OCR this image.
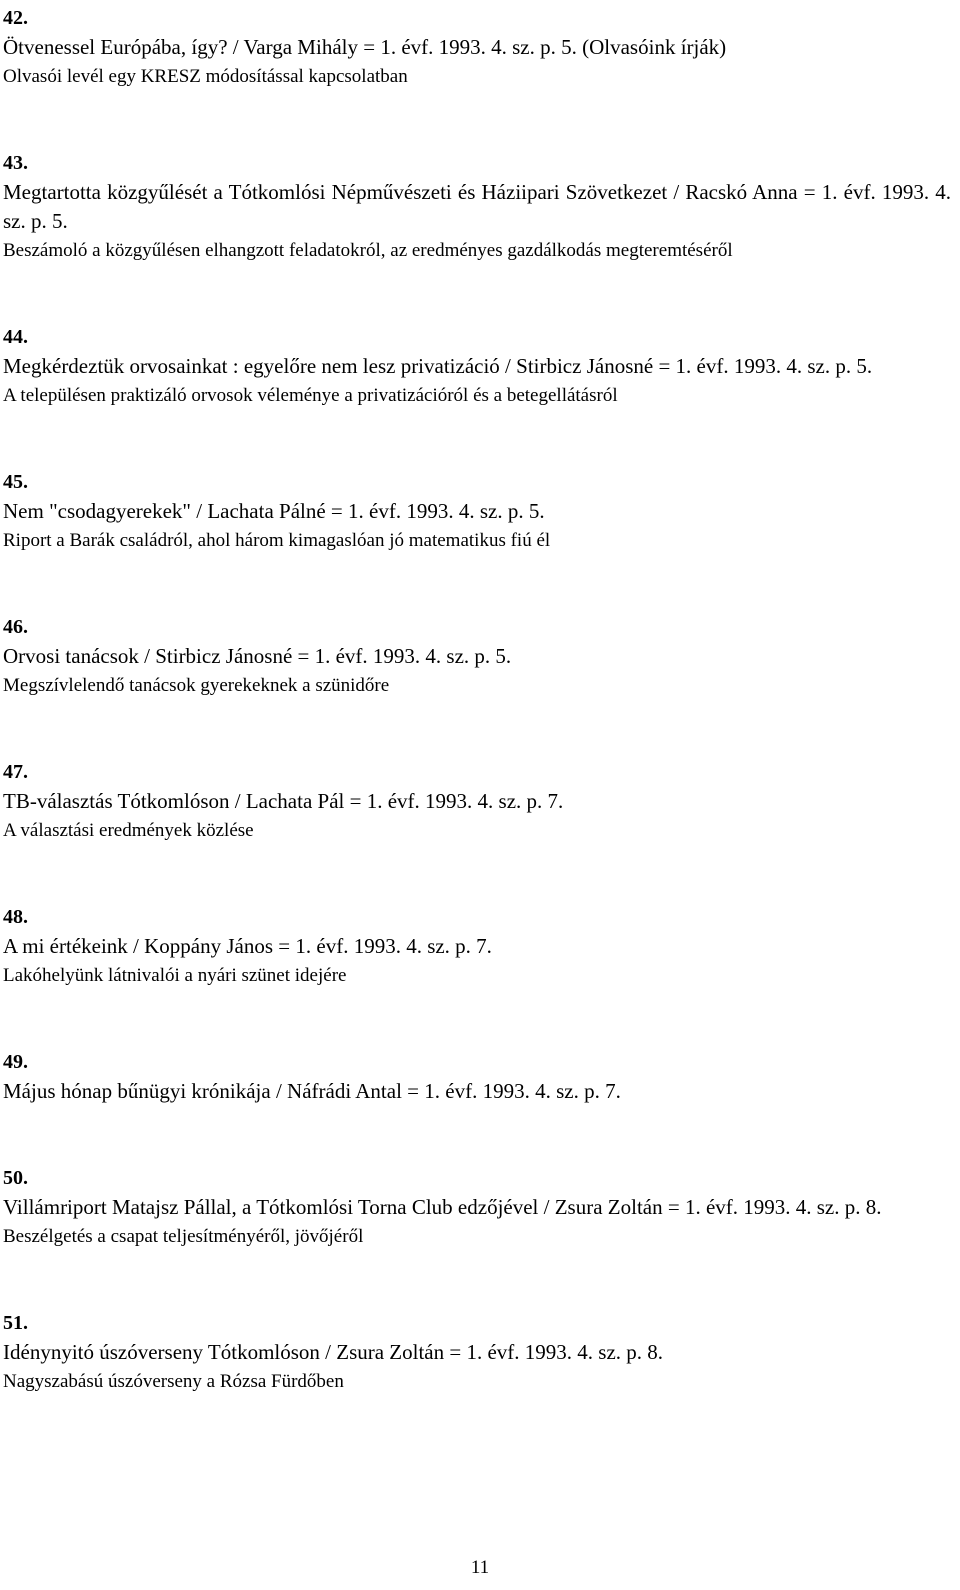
42.
Ötvenessel Európába, így? / Varga Mihály = 1. évf. 1993. 4. sz. p. 5. (Olvasóink írják)
Olvasói levél egy KRESZ módosítással kapcsolatban
43.
Megtartotta közgyűlését a Tótkomlósi Népművészeti és Háziipari Szövetkezet / Racskó Anna = 1. évf. 1993. 4. sz. p. 5.
Beszámoló a közgyűlésen elhangzott feladatokról, az eredményes gazdálkodás megteremtéséről
44.
Megkérdeztük orvosainkat : egyelőre nem lesz privatizáció / Stirbicz Jánosné = 1. évf. 1993. 4. sz. p. 5.
A településen praktizáló orvosok véleménye a privatizációról és a betegellátásról
45.
Nem "csodagyerekek" / Lachata Pálné = 1. évf. 1993. 4. sz. p. 5.
Riport a Barák családról, ahol három kimagaslóan jó matematikus fiú él
46.
Orvosi tanácsok / Stirbicz Jánosné = 1. évf. 1993. 4. sz. p. 5.
Megszívlelendő tanácsok gyerekeknek a szünidőre
47.
TB-választás Tótkomlóson / Lachata Pál = 1. évf. 1993. 4. sz. p. 7.
A választási eredmények közlése
48.
A mi értékeink / Koppány János = 1. évf. 1993. 4. sz. p. 7.
Lakóhelyünk látnivalói a nyári szünet idejére
49.
Május hónap bűnügyi krónikája / Náfrádi Antal = 1. évf. 1993. 4. sz. p. 7.
50.
Villámriport Matajsz Pállal, a Tótkomlósi Torna Club edzőjével / Zsura Zoltán = 1. évf. 1993. 4. sz. p. 8.
Beszélgetés a csapat teljesítményéről, jövőjéről
51.
Idénynyitó úszóverseny Tótkomlóson / Zsura Zoltán = 1. évf. 1993. 4. sz. p. 8.
Nagyszabású úszóverseny a Rózsa Fürdőben
11
